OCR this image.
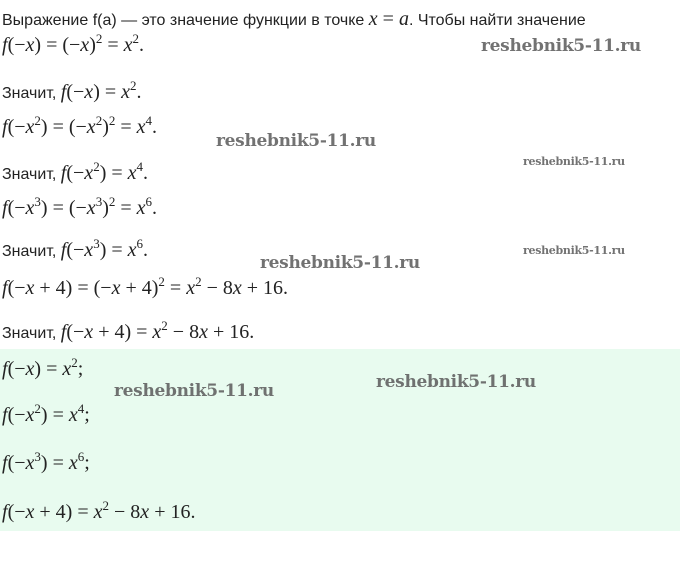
Выражение f(a) — это значение функции в точке x = a. Чтобы найти значение
$f(-x) = (-x)^2 = x^2$.
Значит, $f(-x) = x^2$.
$f(-x^2) = (-x^2)^2 = x^4$.
Значит, $f(-x^2) = x^4$.
$f(-x^3) = (-x^3)^2 = x^6$.
Значит, $f(-x^3) = x^6$.
$f(-x + 4) = (-x + 4)^2 = x^2 - 8x + 16$.
Значит, $f(-x + 4) = x^2 - 8x + 16$.
$f(-x) = x^2$;
$f(-x^2) = x^4$;
$f(-x^3) = x^6$;
$f(-x + 4) = x^2 - 8x + 16$.
reshebnik5-11.ru
reshebnik5-11.ru
reshebnik5-11.ru
reshebnik5-11.ru
reshebnik5-11.ru
reshebnik5-11.ru	reshebnik5-11.ru
